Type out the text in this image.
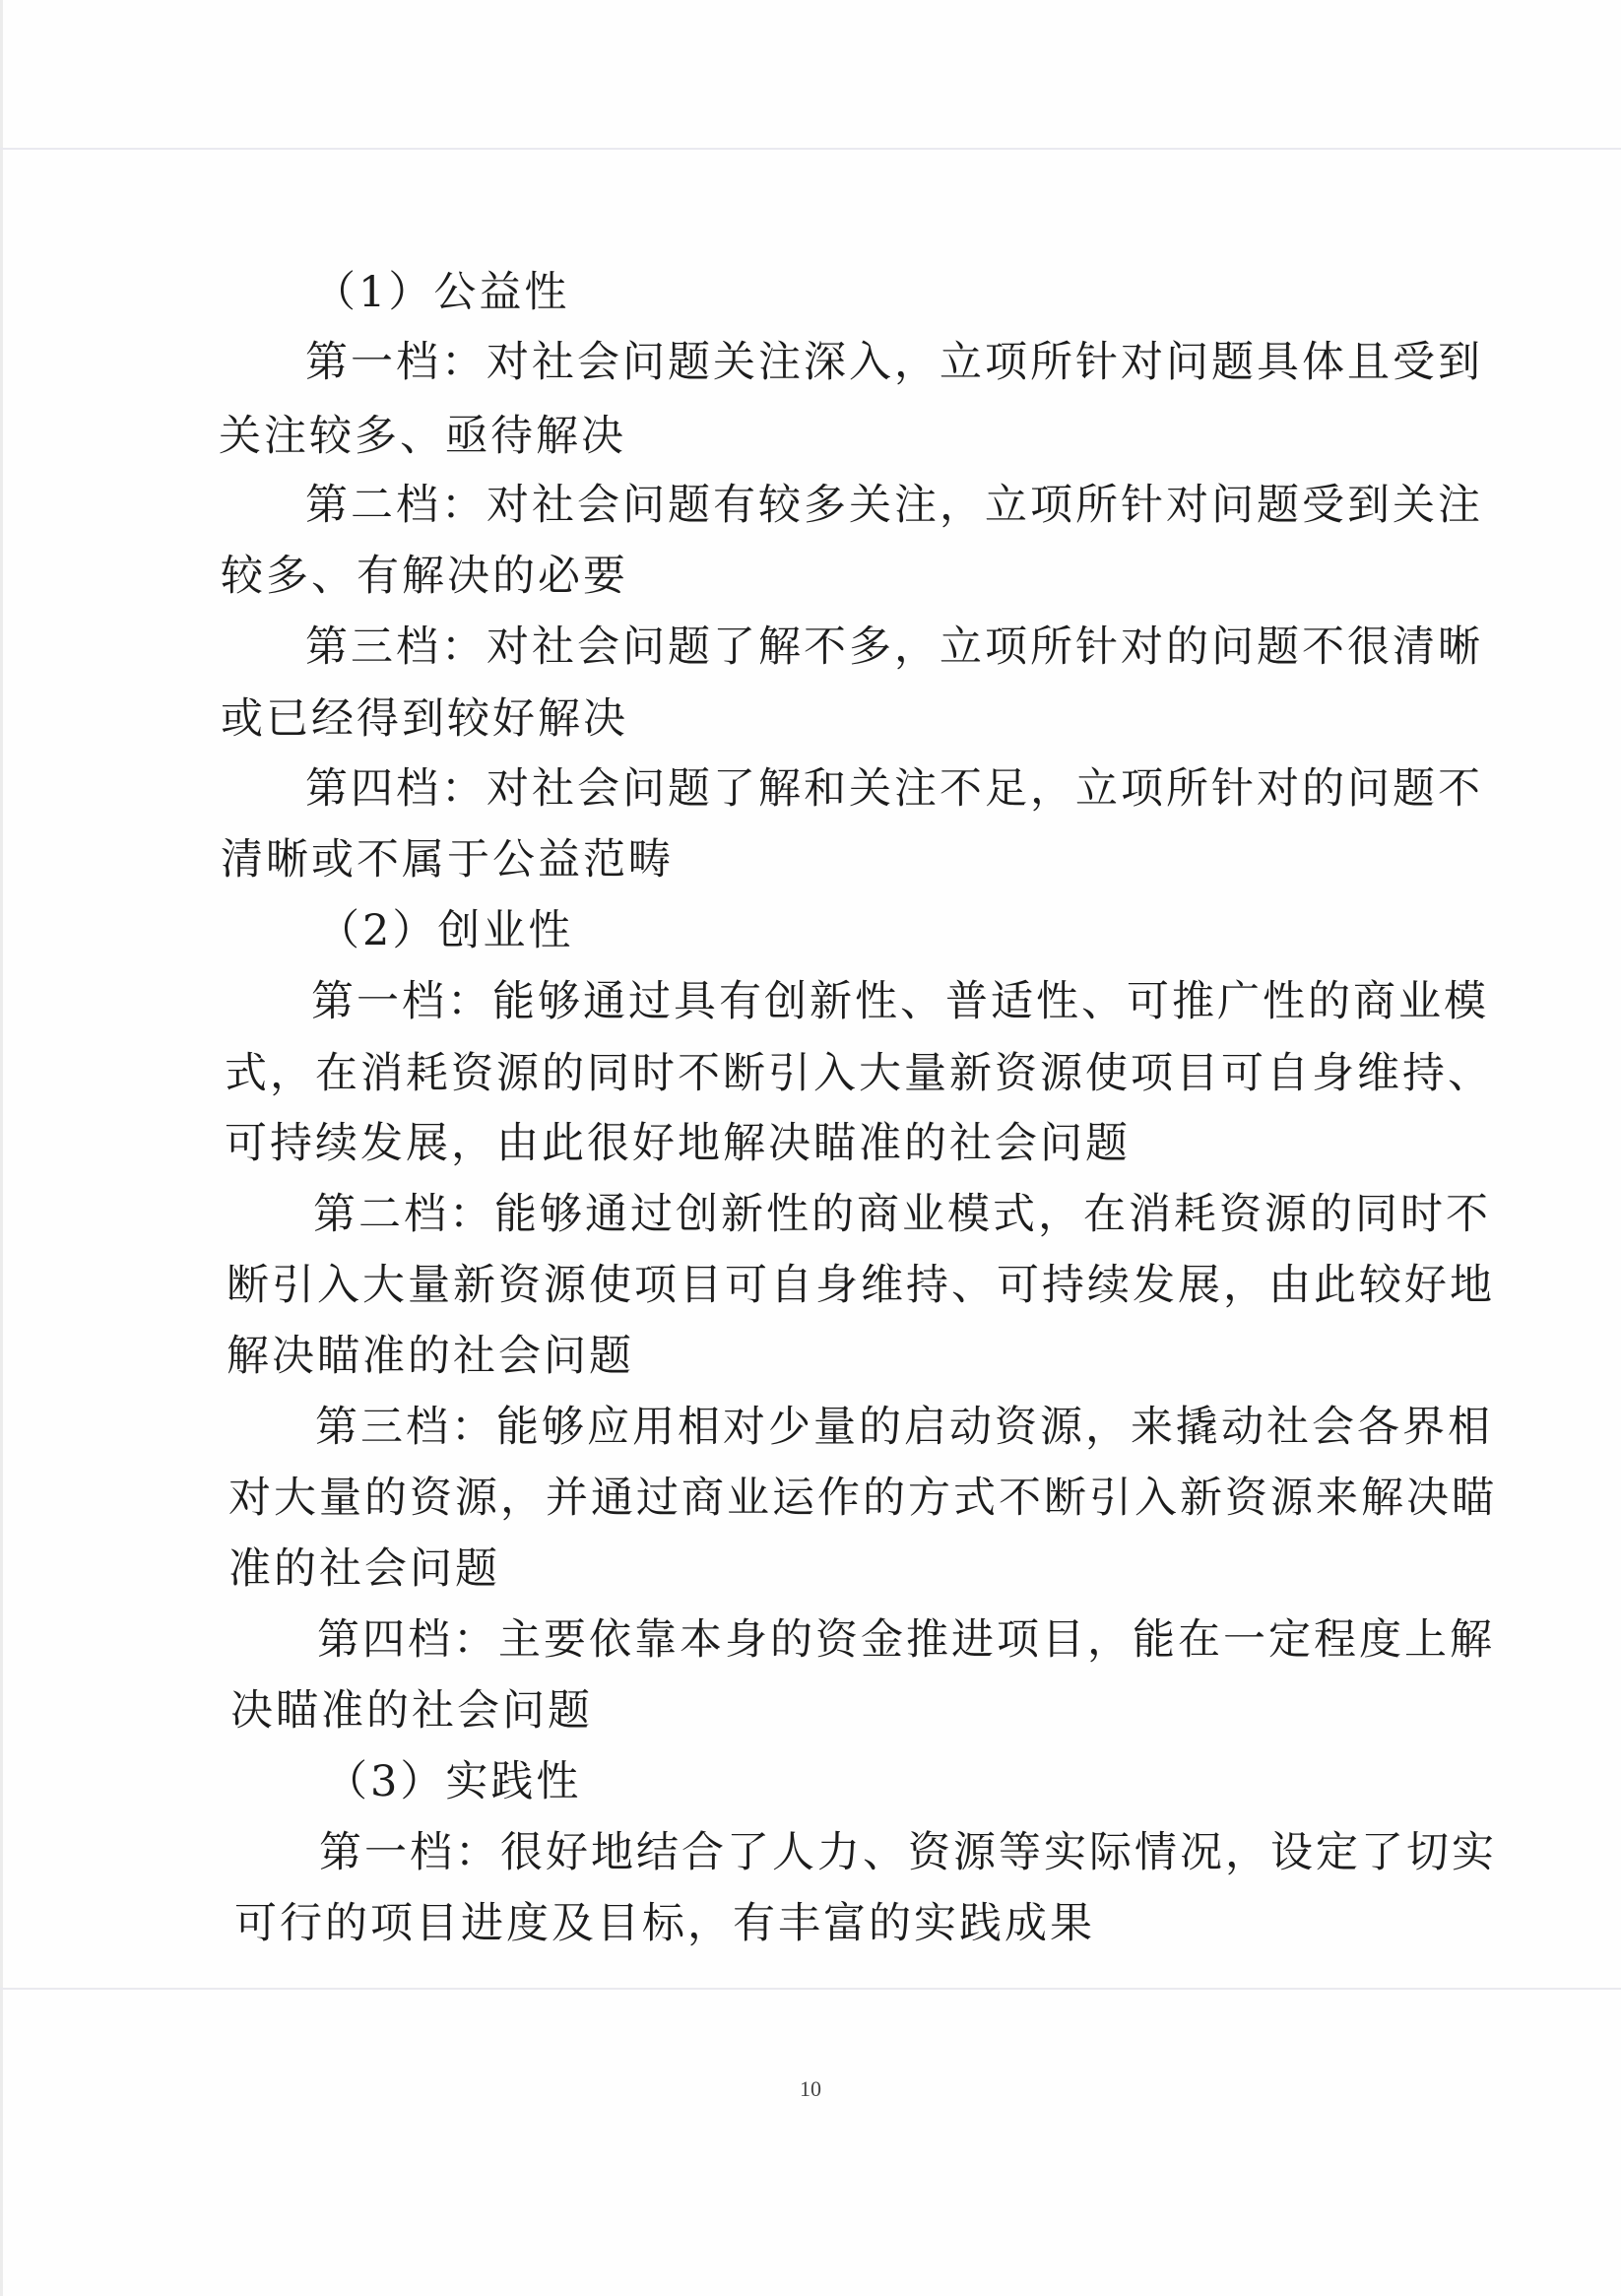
（1）公益性
第一档：对社会问题关注深入，立项所针对问题具体且受到
关注较多、亟待解决
第二档：对社会问题有较多关注，立项所针对问题受到关注
较多、有解决的必要
第三档：对社会问题了解不多，立项所针对的问题不很清晰
或已经得到较好解决
第四档：对社会问题了解和关注不足，立项所针对的问题不
清晰或不属于公益范畴
（2）创业性
第一档：能够通过具有创新性、普适性、可推广性的商业模
式，在消耗资源的同时不断引入大量新资源使项目可自身维持、
可持续发展，由此很好地解决瞄准的社会问题
第二档：能够通过创新性的商业模式，在消耗资源的同时不
断引入大量新资源使项目可自身维持、可持续发展，由此较好地
解决瞄准的社会问题
第三档：能够应用相对少量的启动资源，来撬动社会各界相
对大量的资源，并通过商业运作的方式不断引入新资源来解决瞄
准的社会问题
第四档：主要依靠本身的资金推进项目，能在一定程度上解
决瞄准的社会问题
（3）实践性
第一档：很好地结合了人力、资源等实际情况，设定了切实
可行的项目进度及目标，有丰富的实践成果
10
